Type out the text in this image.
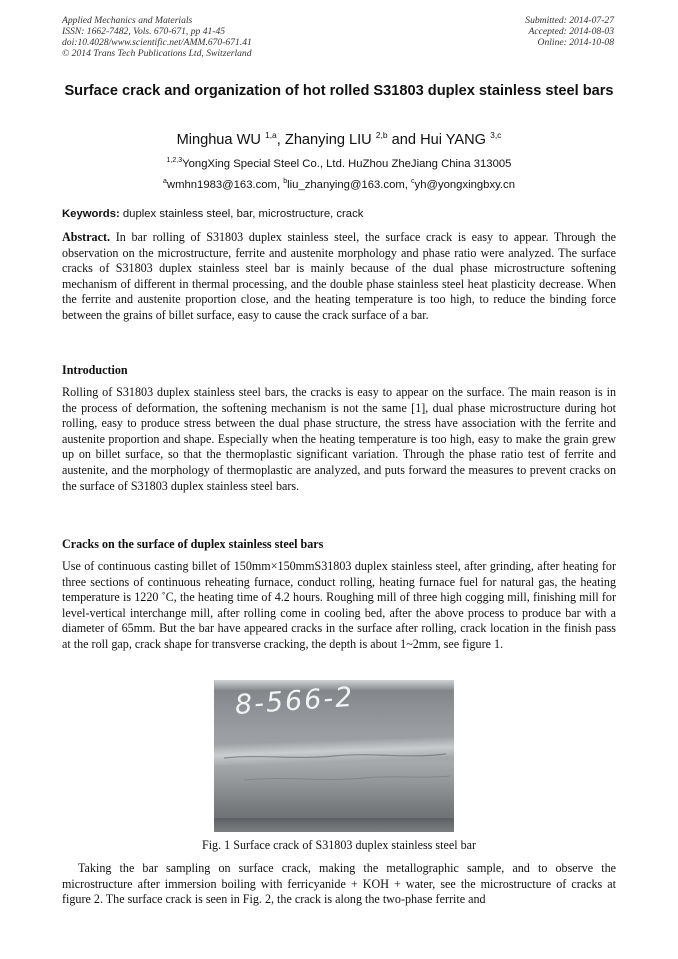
Applied Mechanics and Materials
ISSN: 1662-7482, Vols. 670-671, pp 41-45
doi:10.4028/www.scientific.net/AMM.670-671.41
© 2014 Trans Tech Publications Ltd, Switzerland
Submitted: 2014-07-27
Accepted: 2014-08-03
Online: 2014-10-08
Surface crack and organization of hot rolled S31803 duplex stainless steel bars
Minghua WU $^{1,a}$, Zhanying LIU $^{2,b}$ and Hui YANG $^{3,c}$
$^{1,2,3}$YongXing Special Steel Co., Ltd. HuZhou ZheJiang China 313005
$^a$wmhn1983@163.com, $^b$liu_zhanying@163.com, $^c$yh@yongxingbxy.cn
Keywords: duplex stainless steel, bar, microstructure, crack
Abstract. In bar rolling of S31803 duplex stainless steel, the surface crack is easy to appear. Through the observation on the microstructure, ferrite and austenite morphology and phase ratio were analyzed. The surface cracks of S31803 duplex stainless steel bar is mainly because of the dual phase microstructure softening mechanism of different in thermal processing, and the double phase stainless steel heat plasticity decrease. When the ferrite and austenite proportion close, and the heating temperature is too high, to reduce the binding force between the grains of billet surface, easy to cause the crack surface of a bar.
Introduction
Rolling of S31803 duplex stainless steel bars, the cracks is easy to appear on the surface. The main reason is in the process of deformation, the softening mechanism is not the same [1], dual phase microstructure during hot rolling, easy to produce stress between the dual phase structure, the stress have association with the ferrite and austenite proportion and shape. Especially when the heating temperature is too high, easy to make the grain grew up on billet surface, so that the thermoplastic significant variation. Through the phase ratio test of ferrite and austenite, and the morphology of thermoplastic are analyzed, and puts forward the measures to prevent cracks on the surface of S31803 duplex stainless steel bars.
Cracks on the surface of duplex stainless steel bars
Use of continuous casting billet of 150mm×150mmS31803 duplex stainless steel, after grinding, after heating for three sections of continuous reheating furnace, conduct rolling, heating furnace fuel for natural gas, the heating temperature is 1220 ˚C, the heating time of 4.2 hours. Roughing mill of three high cogging mill, finishing mill for level-vertical interchange mill, after rolling come in cooling bed, after the above process to produce bar with a diameter of 65mm. But the bar have appeared cracks in the surface after rolling, crack location in the finish pass at the roll gap, crack shape for transverse cracking, the depth is about 1~2mm, see figure 1.
8-566-2
Fig. 1 Surface crack of S31803 duplex stainless steel bar
Taking the bar sampling on surface crack, making the metallographic sample, and to observe the microstructure after immersion boiling with ferricyanide + KOH + water, see the microstructure of cracks at figure 2. The surface crack is seen in Fig. 2, the crack is along the two-phase ferrite and
